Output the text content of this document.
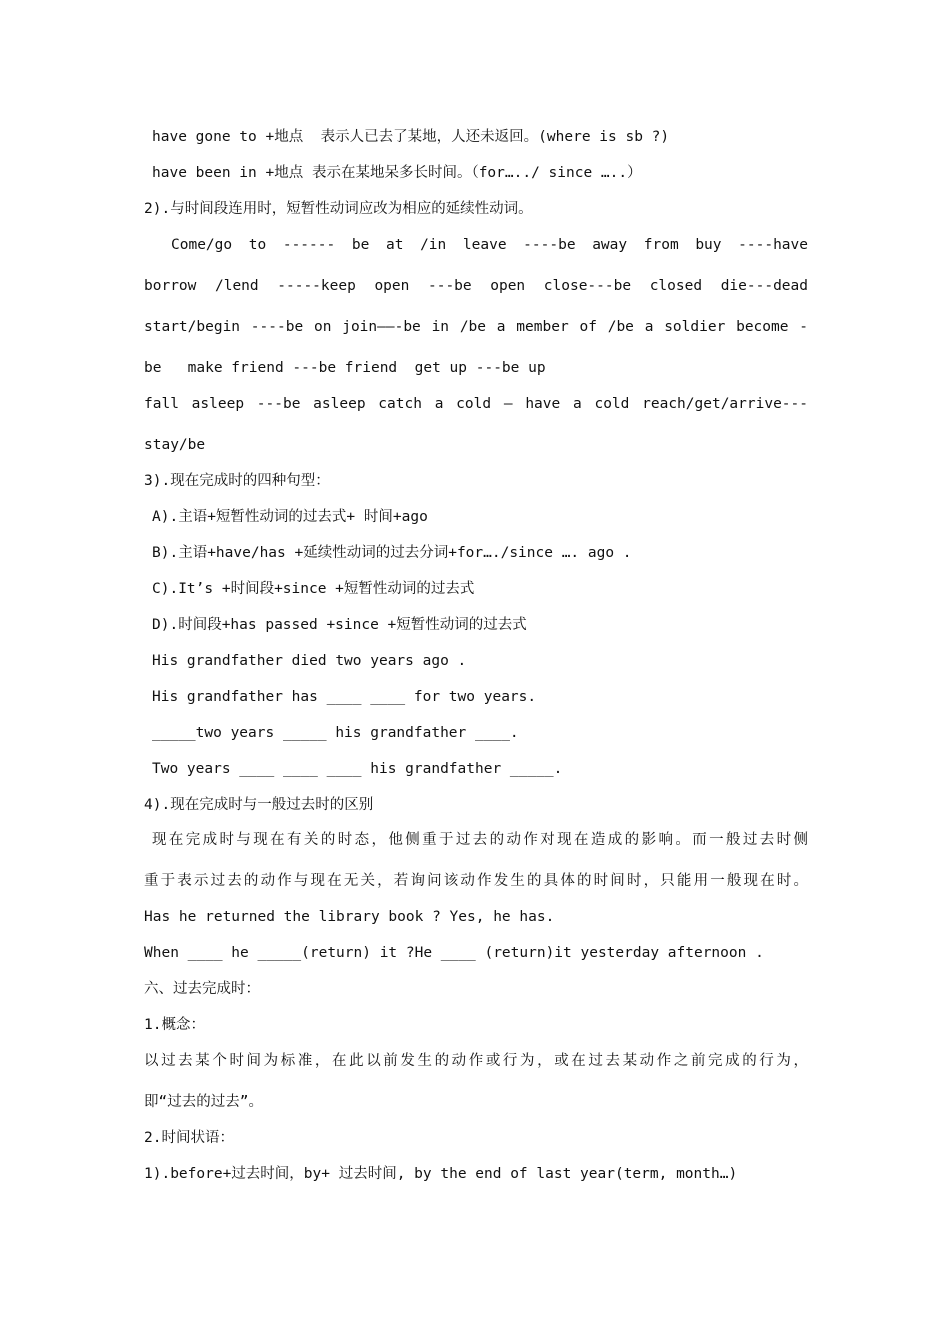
have gone to +地点  表示人已去了某地，人还未返回。(where is sb ?)
have been in +地点 表示在某地呆多长时间。（for…../ since …..）
2).与时间段连用时，短暂性动词应改为相应的延续性动词。
Come/go to ------ be at /in leave ----be away from buy ----have
borrow /lend -----keep open ---be open close---be closed die---dead
start/begin ----be on join——-be in /be a member of /be a soldier become -
be   make friend ---be friend  get up ---be up
fall asleep ---be asleep catch a cold – have a cold reach/get/arrive---
stay/be
3).现在完成时的四种句型：
A).主语+短暂性动词的过去式+ 时间+ago
B).主语+have/has +延续性动词的过去分词+for…./since …. ago .
C).It’s +时间段+since +短暂性动词的过去式
D).时间段+has passed +since +短暂性动词的过去式
His grandfather died two years ago .
His grandfather has ____ ____ for two years.
_____two years _____ his grandfather ____.
Two years ____ ____ ____ his grandfather _____.
4).现在完成时与一般过去时的区别
现在完成时与现在有关的时态，他侧重于过去的动作对现在造成的影响。而一般过去时侧
重于表示过去的动作与现在无关，若询问该动作发生的具体的时间时，只能用一般现在时。
Has he returned the library book ? Yes, he has.
When ____ he _____(return) it ?He ____ (return)it yesterday afternoon .
六、过去完成时：
1.概念：
以过去某个时间为标准，在此以前发生的动作或行为，或在过去某动作之前完成的行为，
即“过去的过去”。
2.时间状语：
1).before+过去时间，by+ 过去时间, by the end of last year(term, month…)
